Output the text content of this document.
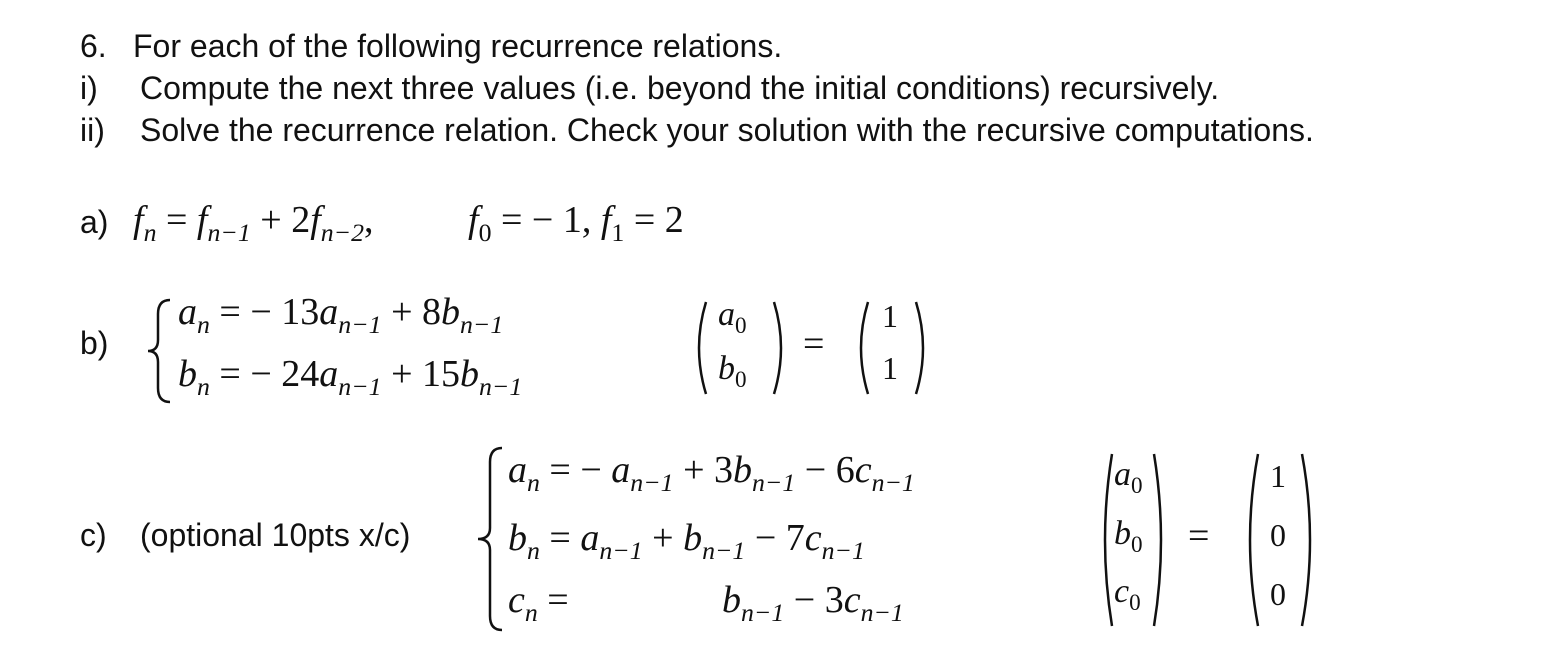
6. For each of the following recurrence relations.
i) Compute the next three values (i.e. beyond the initial conditions) recursively.
ii) Solve the recurrence relation. Check your solution with the recursive computations.
a) $f_n = f_{n-1} + 2f_{n-2}$, $f_0$ = − 1, $f_1 = 2$
b)
$a_n$ = − $13a_{n-1} + 8b_{n-1}$
$b_n$ = − $24a_{n-1} + 15b_{n-1}$
$a_0$
$b_0$
=
1
1
c) (optional 10pts x/c)
$a_n$ = − $a_{n-1} + 3b_{n-1} - 6c_{n-1}$
$b_n = a_{n-1} + b_{n-1} - 7c_{n-1}$
$c_n$ =	$b_{n-1} - 3c_{n-1}$
$a_0$
$b_0$
$c_0$
=
1
0
0
